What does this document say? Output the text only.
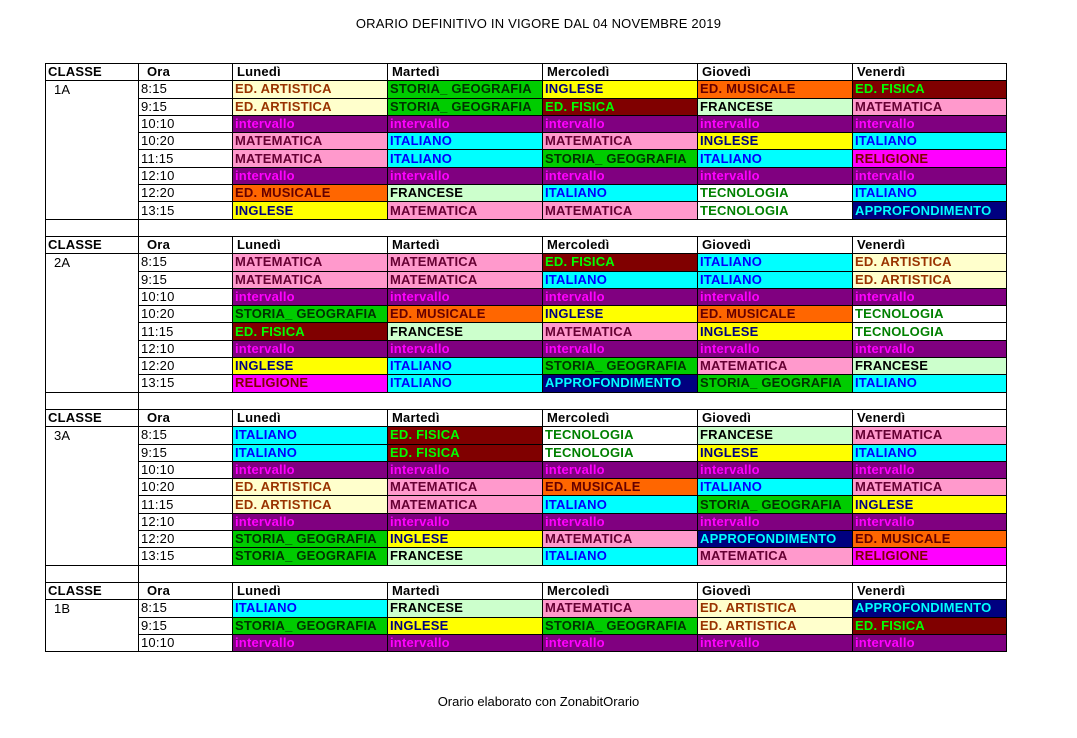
ORARIO DEFINITIVO IN VIGORE DAL 04 NOVEMBRE 2019
CLASSE	Ora	Lunedì	Martedì	Mercoledì	Giovedì	Venerdì
1A	8:15	ED. ARTISTICA	STORIA_ GEOGRAFIA	INGLESE	ED. MUSICALE	ED. FISICA
	9:15	ED. ARTISTICA	STORIA_ GEOGRAFIA	ED. FISICA	FRANCESE	MATEMATICA
	10:10	intervallo	intervallo	intervallo	intervallo	intervallo
	10:20	MATEMATICA	ITALIANO	MATEMATICA	INGLESE	ITALIANO
	11:15	MATEMATICA	ITALIANO	STORIA_ GEOGRAFIA	ITALIANO	RELIGIONE
	12:10	intervallo	intervallo	intervallo	intervallo	intervallo
	12:20	ED. MUSICALE	FRANCESE	ITALIANO	TECNOLOGIA	ITALIANO
	13:15	INGLESE	MATEMATICA	MATEMATICA	TECNOLOGIA	APPROFONDIMENTO

CLASSE	Ora	Lunedì	Martedì	Mercoledì	Giovedì	Venerdì
2A	8:15	MATEMATICA	MATEMATICA	ED. FISICA	ITALIANO	ED. ARTISTICA
	9:15	MATEMATICA	MATEMATICA	ITALIANO	ITALIANO	ED. ARTISTICA
	10:10	intervallo	intervallo	intervallo	intervallo	intervallo
	10:20	STORIA_ GEOGRAFIA	ED. MUSICALE	INGLESE	ED. MUSICALE	TECNOLOGIA
	11:15	ED. FISICA	FRANCESE	MATEMATICA	INGLESE	TECNOLOGIA
	12:10	intervallo	intervallo	intervallo	intervallo	intervallo
	12:20	INGLESE	ITALIANO	STORIA_ GEOGRAFIA	MATEMATICA	FRANCESE
	13:15	RELIGIONE	ITALIANO	APPROFONDIMENTO	STORIA_ GEOGRAFIA	ITALIANO

CLASSE	Ora	Lunedì	Martedì	Mercoledì	Giovedì	Venerdì
3A	8:15	ITALIANO	ED. FISICA	TECNOLOGIA	FRANCESE	MATEMATICA
	9:15	ITALIANO	ED. FISICA	TECNOLOGIA	INGLESE	ITALIANO
	10:10	intervallo	intervallo	intervallo	intervallo	intervallo
	10:20	ED. ARTISTICA	MATEMATICA	ED. MUSICALE	ITALIANO	MATEMATICA
	11:15	ED. ARTISTICA	MATEMATICA	ITALIANO	STORIA_ GEOGRAFIA	INGLESE
	12:10	intervallo	intervallo	intervallo	intervallo	intervallo
	12:20	STORIA_ GEOGRAFIA	INGLESE	MATEMATICA	APPROFONDIMENTO	ED. MUSICALE
	13:15	STORIA_ GEOGRAFIA	FRANCESE	ITALIANO	MATEMATICA	RELIGIONE

CLASSE	Ora	Lunedì	Martedì	Mercoledì	Giovedì	Venerdì
1B	8:15	ITALIANO	FRANCESE	MATEMATICA	ED. ARTISTICA	APPROFONDIMENTO
	9:15	STORIA_ GEOGRAFIA	INGLESE	STORIA_ GEOGRAFIA	ED. ARTISTICA	ED. FISICA
	10:10	intervallo	intervallo	intervallo	intervallo	intervallo
Orario elaborato con ZonabitOrario
